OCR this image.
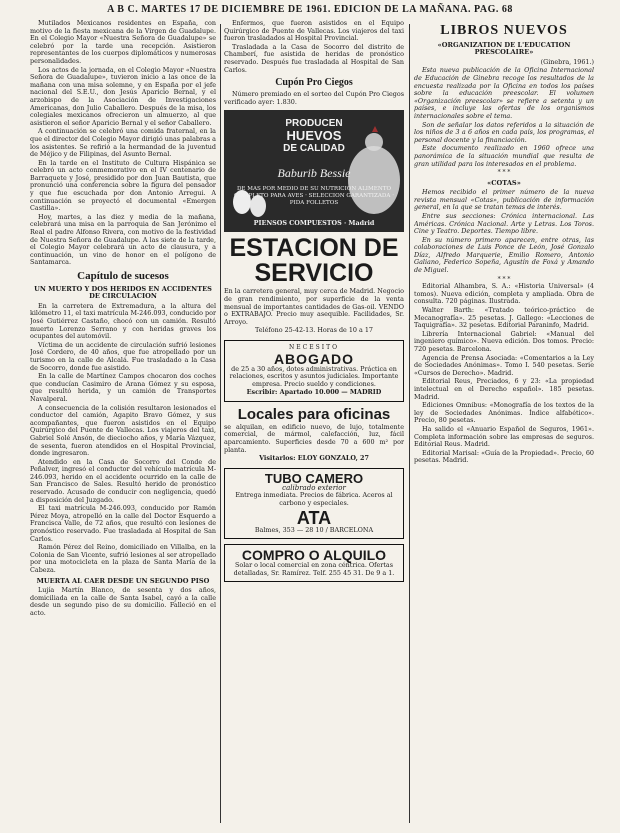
A B C. MARTES 17 DE DICIEMBRE DE 1961. EDICION DE LA MAÑANA. PAG. 68

Mutilados Mexicanos residentes en España, con motivo de la fiesta mexicana de la Virgen de Guadalupe. En el Colegio Mayor «Nuestra Señora de Guadalupe» se celebró por la tarde una recepción. Asistieron representantes de los cuerpos diplomáticos y numerosas personalidades.

Los actos de la jornada, en el Colegio Mayor «Nuestra Señora de Guadalupe», tuvieron inicio a las once de la mañana con una misa solemne, y en España por el jefe nacional del S.E.U., don Jesús Aparicio Bernal, y el arzobispo de la Asociación de Investigaciones Americanas, don Julio Caballero. Después de la misa, los colegiales mexicanos ofrecieron un almuerzo, al que asistieron el señor Aparicio Bernal y el señor Caballero.

A continuación se celebró una comida fraternal, en la que el director del Colegio Mayor dirigió unas palabras a los asistentes. Se refirió a la hermandad de la juventud de Méjico y de Filipinas, del Asunto Bernal.

En la tarde en el Instituto de Cultura Hispánica se celebró un acto conmemorativo en el IV centenario de Barraquete y José, presidido por don Juan Bautista, que pronunció una conferencia sobre la figura del pensador y que fue escuchada por don Antonio Arregui. A continuación se proyectó el documental «Emergen Castilla».

Hoy, martes, a las diez y media de la mañana, celebrará una misa en la parroquia de San Jerónimo el Real el padre Alfonso Rivera, con motivo de la festividad de Nuestra Señora de Guadalupe. A las siete de la tarde, el Colegio Mayor celebrará un acto de clausura, y a continuación, un vino de honor en el polígono de Santamarca.

Capítulo de sucesos
UN MUERTO Y DOS HERIDOS EN ACCIDENTES DE CIRCULACION

En la carretera de Extremadura, a la altura del kilómetro 11, el taxi matrícula M-246.093, conducido por José Gutiérrez Castaño, chocó con un camión. Resultó muerto Lorenzo Serrano y con heridas graves los ocupantes del automóvil.

Víctima de un accidente de circulación sufrió lesiones José Cordero, de 40 años, que fue atropellado por un turismo en la calle de Alcalá. Fue trasladado a la Casa de Socorro, donde fue asistido.

En la calle de Martínez Campos chocaron dos coches que conducían Casimiro de Arana Gómez y su esposa, que resultó herida, y un camión de Transportes Navalperal.

A consecuencia de la colisión resultaron lesionados el conductor del camión, Agapito Bravo Gómez, y sus acompañantes, que fueron asistidos en el Equipo Quirúrgico del Puente de Vallecas. Los viajeros del taxi, Gabriel Solé Ansón, de dieciocho años, y María Vázquez, de sesenta, fueron atendidos en el Hospital Provincial, donde ingresaron.

Atendido en la Casa de Socorro del Conde de Peñalver, ingresó el conductor del vehículo matrícula M-246.093, herido en el accidente ocurrido en la calle de San Francisco de Sales. Resultó herido de pronóstico reservado. Acusado de conducir con negligencia, quedó a disposición del Juzgado.

El taxi matrícula M-246.093, conducido por Ramón Pérez Moya, atropelló en la calle del Doctor Esquerdo a Francisca Valle, de 72 años, que resultó con lesiones de pronóstico reservado. Fue trasladada al Hospital de San Carlos.

Ramón Pérez del Reino, domiciliado en Villalba, en la Colonia de San Vicente, sufrió lesiones al ser atropellado por una motocicleta en la plaza de Santa María de la Cabeza.

MUERTA AL CAER DESDE UN SEGUNDO PISO

Lujía Martín Blanco, de sesenta y dos años, domiciliada en la calle de Santa Isabel, cayó a la calle desde un segundo piso de su domicilio. Falleció en el acto.

Enfermos, que fueron asistidos en el Equipo Quirúrgico de Puente de Vallecas. Los viajeros del taxi fueron trasladados al Hospital Provincial.

Trasladada a la Casa de Socorro del distrito de Chamberí, fue asistida de heridas de pronóstico reservado. Después fue trasladada al Hospital de San Carlos.

Cupón Pro Ciegos

Número premiado en el sorteo del Cupón Pro Ciegos verificado ayer: 1.830.

PRODUCEN
HUEVOS
DE CALIDAD
Baburib Bessie
DE MAS POR MEDIO DE SU NUTRICION ALIMENTO COMPLETO PARA AVES · SELECCION GARANTIZADA · PIDA FOLLETOS
PIENSOS COMPUESTOS · Madrid
ESTACION DE
SERVICIO

En la carretera general, muy cerca de Madrid. Negocio de gran rendimiento, por superficie de la venta mensual de importantes cantidades de Gas-oil. VENDO o EXTRABAJO. Precio muy asequible. Facilidades, Sr. Arroyo.

Teléfono 25-42-13. Horas de 10 a 17

NECESITO
ABOGADO

de 25 a 30 años, dotes administrativas. Práctica en relaciones, escritos y asuntos judiciales. Importante empresa. Precio sueldo y condiciones.

Escribir: Apartado 10.000 — MADRID

Locales para oficinas

se alquilan, en edificio nuevo, de lujo, totalmente comercial, de mármol, calefacción, luz, fácil aparcamiento. Superficies desde 70 a 600 m² por planta.

Visitarlos: ELOY GONZALO, 27

TUBO CAMERO
calibrado exterior

Entrega inmediata. Precios de fábrica. Aceros al carbono y especiales.

ATA

Balmes, 353 — 28 10 / BARCELONA

COMPRO O ALQUILO

Solar o local comercial en zona céntrica. Ofertas detalladas, Sr. Ramírez. Telf. 255 45 31. De 9 a 1.

LIBROS NUEVOS
«ORGANIZATION DE L'EDUCATION PRESCOLAIRE»

(Ginebra, 1961.)

Esta nueva publicación de la Oficina Internacional de Educación de Ginebra recoge los resultados de la encuesta realizada por la Oficina en todos los países sobre la educación preescolar. El volumen «Organización preescolar» se refiere a setenta y un países, e incluye las ofertas de los organismos internacionales sobre el tema.

Son de señalar los datos referidos a la situación de los niños de 3 a 6 años en cada país, los programas, el personal docente y la financiación.

Este documento realizado en 1960 ofrece una panorámica de la situación mundial que resulta de gran utilidad para los interesados en el problema.

* * *
«COTAS»

Hemos recibido el primer número de la nueva revista mensual «Cotas», publicación de información general, en la que se tratan temas de interés.

Entre sus secciones: Crónica internacional. Las Américas. Crónica Nacional. Arte y Letras. Los Toros. Cine y Teatro. Deportes. Tiempo libre.

En su número primero aparecen, entre otras, las colaboraciones de Luis Ponce de León, José Gonzalo Díaz, Alfredo Marquerie, Emilio Romero, Antonio Galiano, Federico Sopeña, Agustín de Foxá y Amando de Miguel.

* * *

Editorial Alhambra, S. A.: «Historia Universal» (4 tomos). Nueva edición, completa y ampliada. Obra de consulta. 720 páginas. Ilustrada.

Walter Barth: «Tratado teórico-práctico de Mecanografía». 25 pesetas. J. Gallego: «Lecciones de Taquigrafía». 32 pesetas. Editorial Paraninfo, Madrid.

Librería Internacional Gabriel: «Manual del ingeniero químico». Nueva edición. Dos tomos. Precio: 720 pesetas. Barcelona.

Agencia de Prensa Asociada: «Comentarios a la Ley de Sociedades Anónimas». Tomo I. 540 pesetas. Serie «Cursos de Derecho». Madrid.

Editorial Reus, Preciados, 6 y 23: «La propiedad intelectual en el Derecho español». 185 pesetas. Madrid.

Ediciones Omnibus: «Monografía de los textos de la ley de Sociedades Anónimas. Índice alfabético». Precio, 80 pesetas.

Ha salido el «Anuario Español de Seguros, 1961». Completa información sobre las empresas de seguros. Editorial Reus. Madrid.

Editorial Marisal: «Guía de la Propiedad». Precio, 60 pesetas. Madrid.
